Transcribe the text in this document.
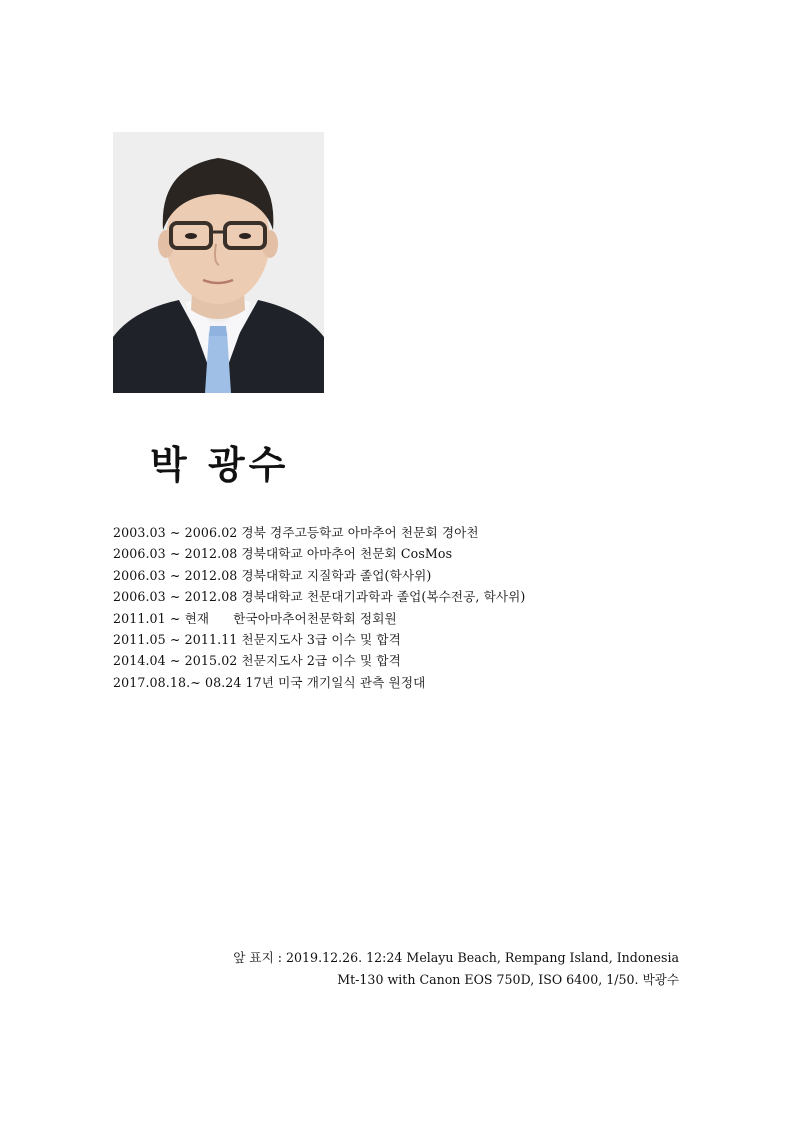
박 광수
2003.03 ~ 2006.02 경북 경주고등학교 아마추어 천문회 경아천
2006.03 ~ 2012.08 경북대학교 아마추어 천문회 CosMos
2006.03 ~ 2012.08 경북대학교 지질학과 졸업(학사위)
2006.03 ~ 2012.08 경북대학교 천문대기과학과 졸업(복수전공, 학사위)
2011.01 ~ 현재 한국아마추어천문학회 정회원
2011.05 ~ 2011.11 천문지도사 3급 이수 및 합격
2014.04 ~ 2015.02 천문지도사 2급 이수 및 합격
2017.08.18.~ 08.24 17년 미국 개기일식 관측 원정대
앞 표지 : 2019.12.26. 12:24 Melayu Beach, Rempang Island, Indonesia
Mt-130 with Canon EOS 750D, ISO 6400, 1/50. 박광수
